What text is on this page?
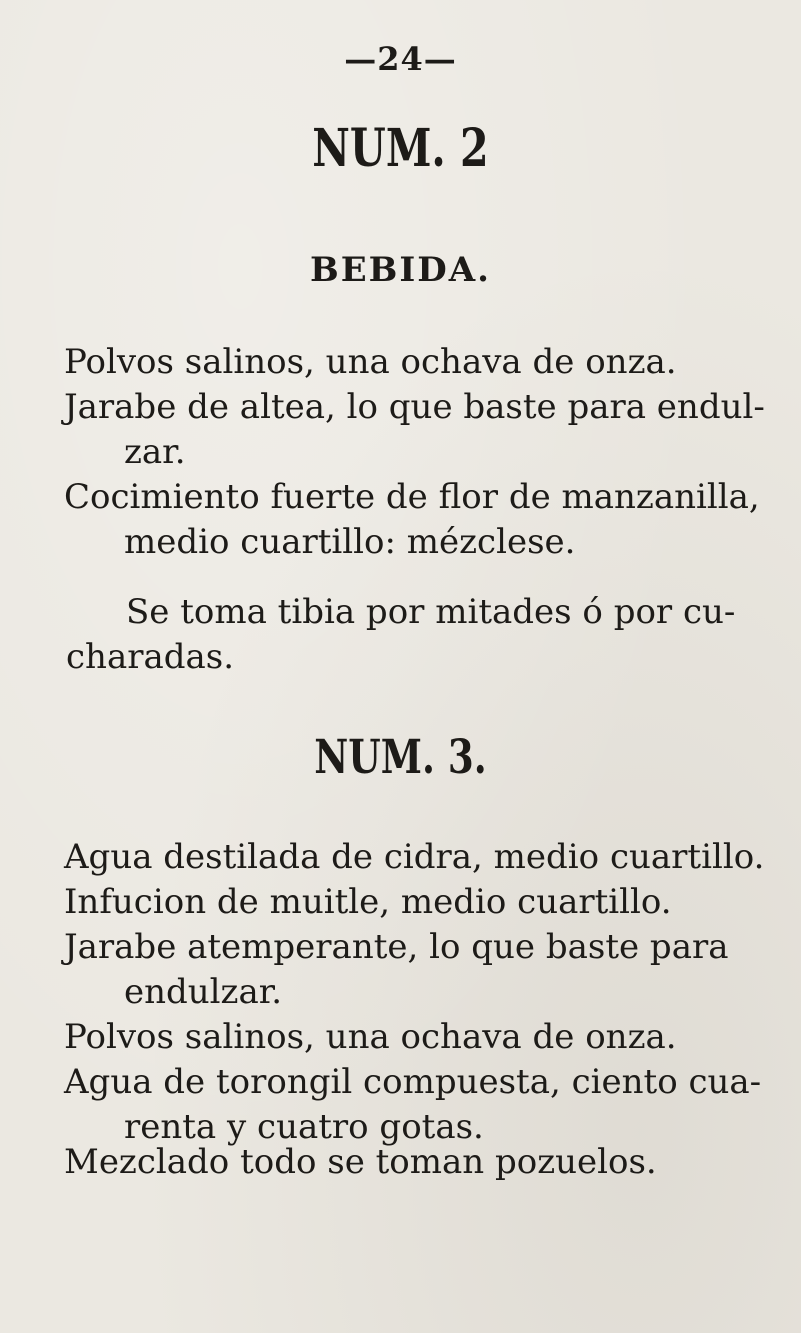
—24—
NUM. 2
BEBIDA.
Polvos salinos, una ochava de onza.
Jarabe de altea, lo que baste para endul-
zar.
Cocimiento fuerte de flor de manzanilla,
medio cuartillo: mézclese.
Se toma tibia por mitades ó por cu-
charadas.
NUM. 3.
Agua destilada de cidra, medio cuartillo.
Infucion de muitle, medio cuartillo.
Jarabe atemperante, lo que baste para
endulzar.
Polvos salinos, una ochava de onza.
Agua de torongil compuesta, ciento cua-
renta y cuatro gotas.
Mezclado todo se toman pozuelos.
